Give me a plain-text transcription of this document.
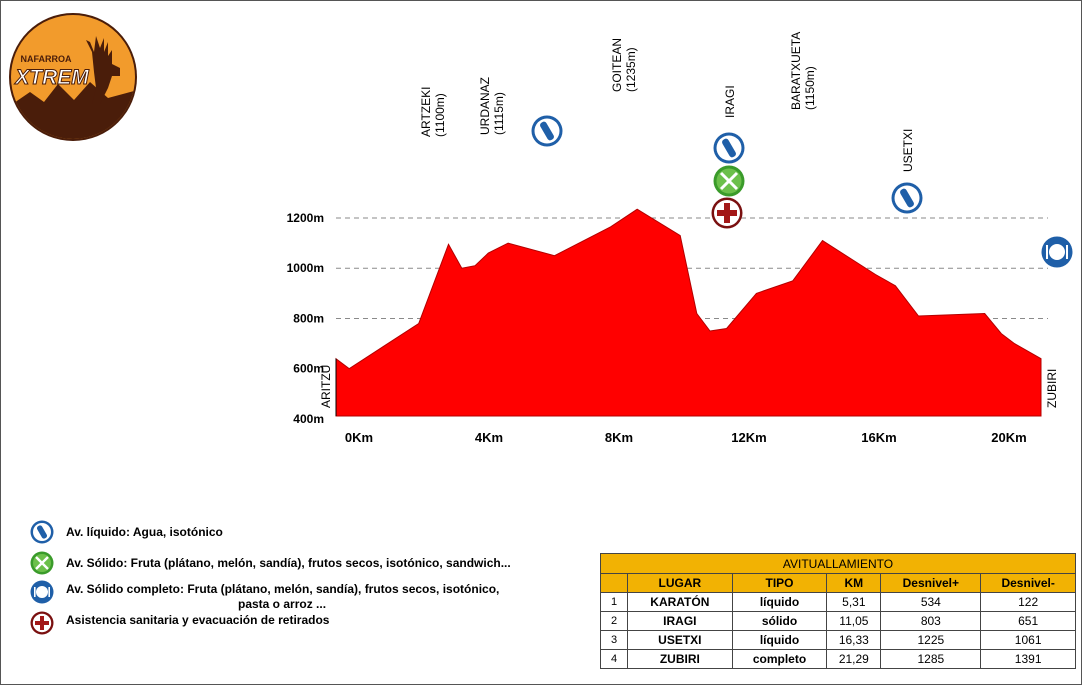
NAFARROA
XTREM
400m
600m
800m
1000m
1200m
0Km	4Km	8Km	12Km	16Km	20Km
ARITZU	ZUBIRI
ARTZEKI (1100m)	URDANAZ (1115m)
GOITEAN (1235m)
IRAGI	BARATXUETA (1150m)
USETXI
Av. líquido: Agua, isotónico
Av. Sólido: Fruta (plátano, melón, sandía), frutos secos, isotónico, sandwich...
Av. Sólido completo: Fruta (plátano, melón, sandía), frutos secos, isotónico,
pasta o arroz ...
Asistencia sanitaria y evacuación de retirados
AVITUALLAMIENTO					
	LUGAR	TIPO	KM	Desnivel+	Desnivel-
1	KARATÓN	líquido	5,31	534	122
2	IRAGI	sólido	11,05	803	651
3	USETXI	líquido	16,33	1225	1061
4	ZUBIRI	completo	21,29	1285	1391
